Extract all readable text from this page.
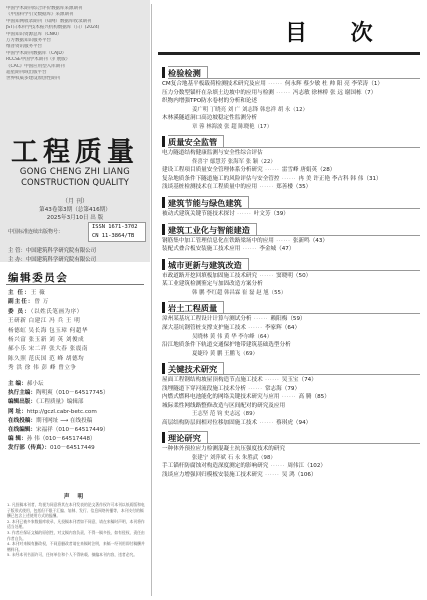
中国学术期刊综合评价数据库来源期刊
《中国科学引文数据库》来源期刊
中国知网收录期刊（知网）数据库收录期刊
JST日本科学技术振兴机构数据库（日）(2024)
中国知识资源总库（CNKI）
万方数据知识服务平台
维普资讯服务平台
中国学术期刊数据库（CAJD）
RCCSE中国学术期刊（扩展版）
《CAC》中国应用型入库期刊
超星期刊域出版平台
世界权威多建设原创性期刊
工程质量
GONG CHENG ZHI LIANG
CONSTRUCTION QUALITY
（月 刊）
第43卷第3期（总第416期）
2025年3月10日 出 版
中国标准连续出版物号：
ISSN 1671-3702
CN 11-3864/TB
主 管：中国建筑科学研究院有限公司
主 办：中国建筑科学研究院有限公司
编辑委员会
主 任：王 薇
副主任：曾 万
委 员：（以姓氏笔画为序）
王研新 白建江 冯 兵 王 明
杨德虹 吴长海 包玉璋 何超华
杨兴富 张玉新 刘 英 刘俊成
郝小乐 宋二祥 张大春 张震南
陈久照 范庆国 范 峰 胡德均
秀 洪 徐 伟 彭 峰 曾立争
主 编：郝小坛
执行主编：陶明爽（010－64517745）
编辑出版：《工程质量》编辑部
网 址：http://gczl.cabr-betc.com
在线投稿：期刊网址 ⟶ 在线投稿
在线编辑：宋福祥（010－64517449）
编 辑：孙 伟（010－64517448）
发行部（传真）：010－64517449
声 明

1. 凡投稿本刊者，均视为同意将其在本刊发表的论文著作权许可本刊以纸质版和电子版形式使用，包括但不限于汇编、复制、发行、信息网络传播等，本刊支付的稿酬已包含上述使用方式的报酬。

2. 本刊已被多家数据库收录，凡投稿本刊者如不同意，请在来稿时声明，本刊将作适当处理。

3. 作者应保证文稿的原创性，对文稿内容负责，不得一稿多投，如有侵权，责任由作者自负。

4. 本刊对来稿有删改权，不同意删改者请在来稿时注明，来稿一经刊用即付稿酬并赠样刊。

5. 未经本刊书面许可，任何单位和个人不得转载、摘编本刊内容，违者必究。

目 次
检验检测
CM复合地基平板载荷检测技术研究及应用 ······ 何永辉 蔡少敏 杜 帅 阳 亮 李荣涛（1）
压力分数型锚杆在杂填土边坡中的应用与检测 ······ 冯志敏 徐林桥 张 远 谢国栋（7）
织物内增强TPO防水卷材的分析和论述
姜广明 丁晓亮 刘 广 刘志锋 韩忠祥 胡 永（12）
木林溪隧道洞口高边坡稳定性监测分析
章 蓉 林海波 张 超 陈晓艳（17）
质量安全监管
电力隧道结构健康监测与安全性综合评估
佟喜宇 鄢慧芳 张海军 张 颖（22）
建设工程项目质量安全管理体系分析研究 ······ 雷雪峰 唐娟英（28）
复杂地质条件下隧道施工的风险评估与安全管控 ······ 冉 美 许正艳 李占科 韩 伟（31）
浅谈基桩检测技术在工程质量中的应用 ······ 郑善楼（35）
建筑节能与绿色建筑
被动式建筑关键节能技术探讨 ······ 叶文芳（39）
建筑工业化与智能建造
钢筋集中加工管理信息化在铁路梁场中的应用 ······ 张新鸣（43）
装配式叠合板安装施工技术应用 ······ 李金城（47）
城市更新与建筑改造
市政道路开挖回填板加固施工技术研究 ······ 窦晓明（50）
某工业建筑检测鉴定与加固改造方案分析
韩 鹏 李红超 韩昌霖 崔 磊 赵 旭（55）
岩土工程质量
漳州某基坑工程设计计算与测试分析 ······ 赖阳梅（59）
深大基坑钢管桩支撑支护施工技术 ······ 李家辉（64）
吴晓林 黄 伟 黄 华 李尔峰（64）
沿江地质条件下轨道交通保护地带建筑基础选型分析
夏婕玲 黄 鹏 王鹏飞（69）
关键技术研究
屋面工程钢结构坡屋顶构造节点施工技术 ······ 吴玉宝（74）
浅埋隧道下穿河流段施工技术分析 ······ 常志海（79）
内燃式燃料电池能化的网络关键技术研究与应用 ······ 高 腾（85）
城际柔性网线路整修改造与区间配对的研究及应用
王志坚 范 钧 史志远（89）
高层结构防层间相对位移加固施工技术 ······ 蔡琪虎（94）
理论研究
一种体外预拉应力检测混凝土抗压强度技术的研究
张建宁 刘萍斌 石 永 朱胜武（98）
手工锚杆防腐蚀对构造深度测定的影响研究 ······ 周伟江（102）
浅谈应力增强回归模板安装施工技术研究 ······ 吴 鸿（106）
